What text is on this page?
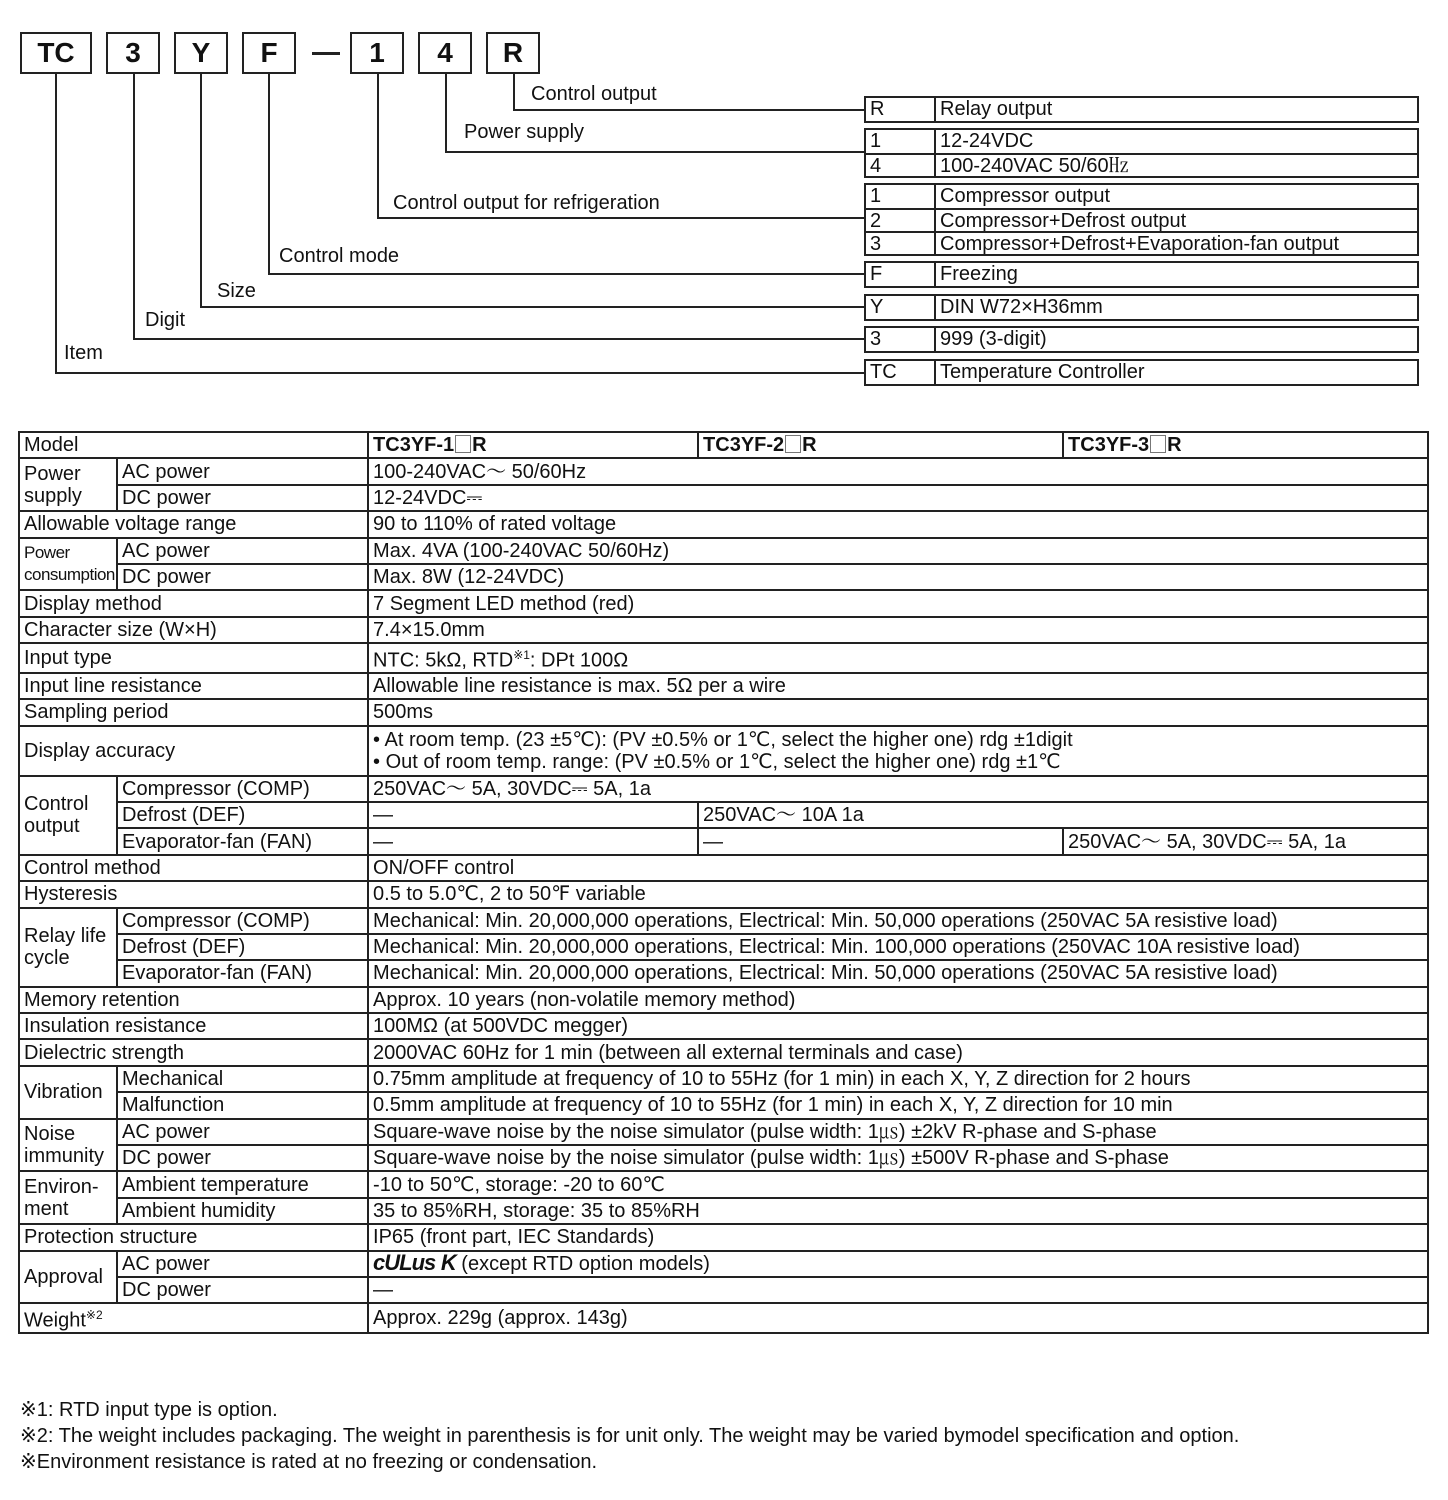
TC	3	Y	F	1	4	R
Control output
Power supply
Control output for refrigeration
Control mode
Size
Digit
Item
R	Relay output
1	12-24VDC
4	100-240VAC 50/60㎐
1	Compressor output
2	Compressor+Defrost output
3	Compressor+Defrost+Evaporation-fan output
F	Freezing
Y	DIN W72×H36mm
3	999 (3-digit)
TC	Temperature Controller
Model		TC3YF-1 R	TC3YF-2 R	TC3YF-3 R
Power supply	AC power	100-240VAC～ 50/60Hz		
	DC power	12-24VDC⎓		
Allowable voltage range		90 to 110% of rated voltage		
Power consumption	AC power	Max. 4VA (100-240VAC 50/60Hz)		
	DC power	Max. 8W (12-24VDC)		
Display method		7 Segment LED method (red)		
Character size (W×H)		7.4×15.0mm		
Input type		NTC: 5kΩ, RTD$^{※1}$: DPt 100Ω		
Input line resistance		Allowable line resistance is max. 5Ω per a wire		
Sampling period		500ms		
Display accuracy		• At room temp. (23 ±5℃): (PV ±0.5% or 1℃, select the higher one) rdg ±1digit
• Out of room temp. range: (PV ±0.5% or 1℃, select the higher one) rdg ±1℃		

Control output	Compressor (COMP)	250VAC～ 5A, 30VDC⎓ 5A, 1a		
	Defrost (DEF)	—	250VAC～ 10A 1a	
	Evaporator-fan (FAN)	—	—	250VAC～ 5A, 30VDC⎓ 5A, 1a
Control method		ON/OFF control		
Hysteresis		0.5 to 5.0℃, 2 to 50℉ variable		
Relay life cycle	Compressor (COMP)	Mechanical: Min. 20,000,000 operations, Electrical: Min. 50,000 operations (250VAC 5A resistive load)		
	Defrost (DEF)	Mechanical: Min. 20,000,000 operations, Electrical: Min. 100,000 operations (250VAC 10A resistive load)		
	Evaporator-fan (FAN)	Mechanical: Min. 20,000,000 operations, Electrical: Min. 50,000 operations (250VAC 5A resistive load)		
Memory retention		Approx. 10 years (non-volatile memory method)		
Insulation resistance		100MΩ (at 500VDC megger)		
Dielectric strength		2000VAC 60Hz for 1 min (between all external terminals and case)		
Vibration	Mechanical	0.75mm amplitude at frequency of 10 to 55Hz (for 1 min) in each X, Y, Z direction for 2 hours		
	Malfunction	0.5mm amplitude at frequency of 10 to 55Hz (for 1 min) in each X, Y, Z direction for 10 min		
Noise immunity	AC power	Square-wave noise by the noise simulator (pulse width: 1㎲) ±2kV R-phase and S-phase		
	DC power	Square-wave noise by the noise simulator (pulse width: 1㎲) ±500V R-phase and S-phase		
Environ-ment	Ambient temperature	-10 to 50℃, storage: -20 to 60℃		
	Ambient humidity	35 to 85%RH, storage: 35 to 85%RH		
Protection structure		IP65 (front part, IEC Standards)		
Approval	AC power	cULus K (except RTD option models)		
	DC power	—		
Weight$^{※2}$		Approx. 229g (approx. 143g)		
※1: RTD input type is option.
※2: The weight includes packaging. The weight in parenthesis is for unit only. The weight may be varied bymodel specification and option.
※Environment resistance is rated at no freezing or condensation.
